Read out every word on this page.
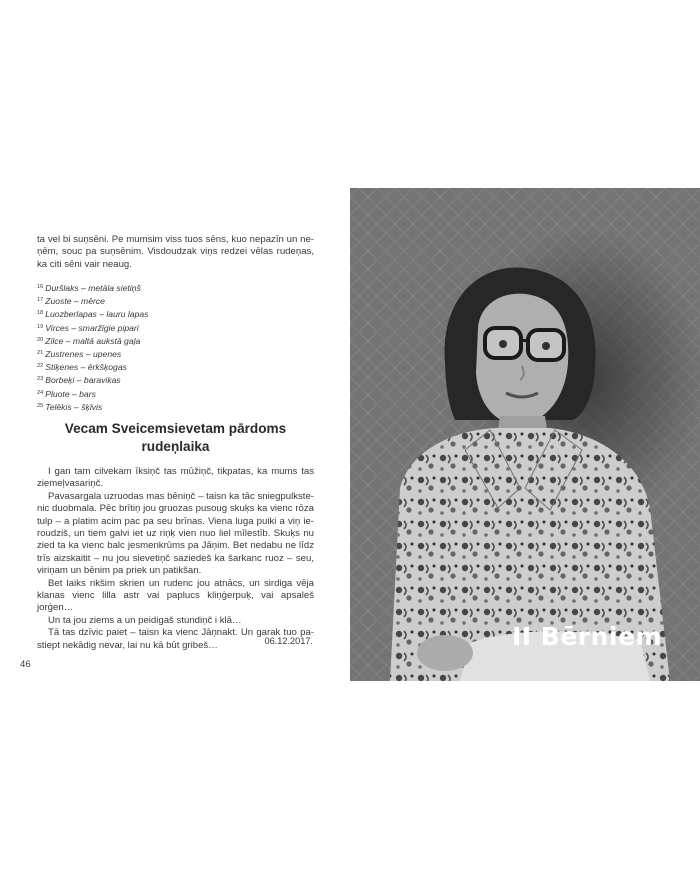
ta vel bi suņsēni. Pe mumsim viss tuos sēns, kuo nepazīn un ne-ņēm, souc pa suņsēnim. Visdoudzak viņs redzei vēlas rudeņas, ka citi sēni vair neaug.

$^{16}$ Duršlaks – metāla sietiņš
$^{17}$ Zuoste – mērce
$^{18}$ Luozberlapas – lauru lapas
$^{19}$ Virces – smaržīgie pipari
$^{20}$ Zilce – maltā aukstā gaļa
$^{21}$ Zustrenes – upenes
$^{22}$ Stiķenes – ērkšķogas
$^{23}$ Borbeķi – baravikas
$^{24}$ Pluote – bars
$^{25}$ Telēkis – šķīvis
Vecam Sveicemsievetam pārdoms
rudeņlaika

I gan tam cilvekam īksiņč tas mūžiņč, tikpatas, ka mums tas ziemeļvasariņč.

Pavasargala uzruodas mas bēniņč – taisn ka tāc sniegpulkste-nic duobmala. Pēc brītiņ jou gruozas pusoug skuķs ka vienc rōza tulp – a platim acim pac pa seu brīnas. Viena luga puiki a viņ ie-roudziš, un tiem galvi iet uz riņķ vien nuo liel mīlestīb. Skuķs nu zied ta ka vienc balc jesmenkrūms pa Jāņim. Bet nedabu ne līdz trīs aizskaitit – nu jou sievetiņč saziedeš ka šarkanc ruoz – seu, viriņam un bēnim pa priek un patikšan.

Bet laiks rikšim skrien un rudenc jou atnācs, un sirdiga vēja klanas vienc lilla astr vai paplucs kliņģerpuķ, vai apsaleš jorģen…

Un ta jou ziems a un peidigaš stundiņč i klā…

Tā tas dzīvic paiet – taisn ka vienc Jāņnakt. Un garak tuo pa-stiept nekādig nevar, lai nu kā būt gribeš…	06.12.2017.
46
II Bērniem
